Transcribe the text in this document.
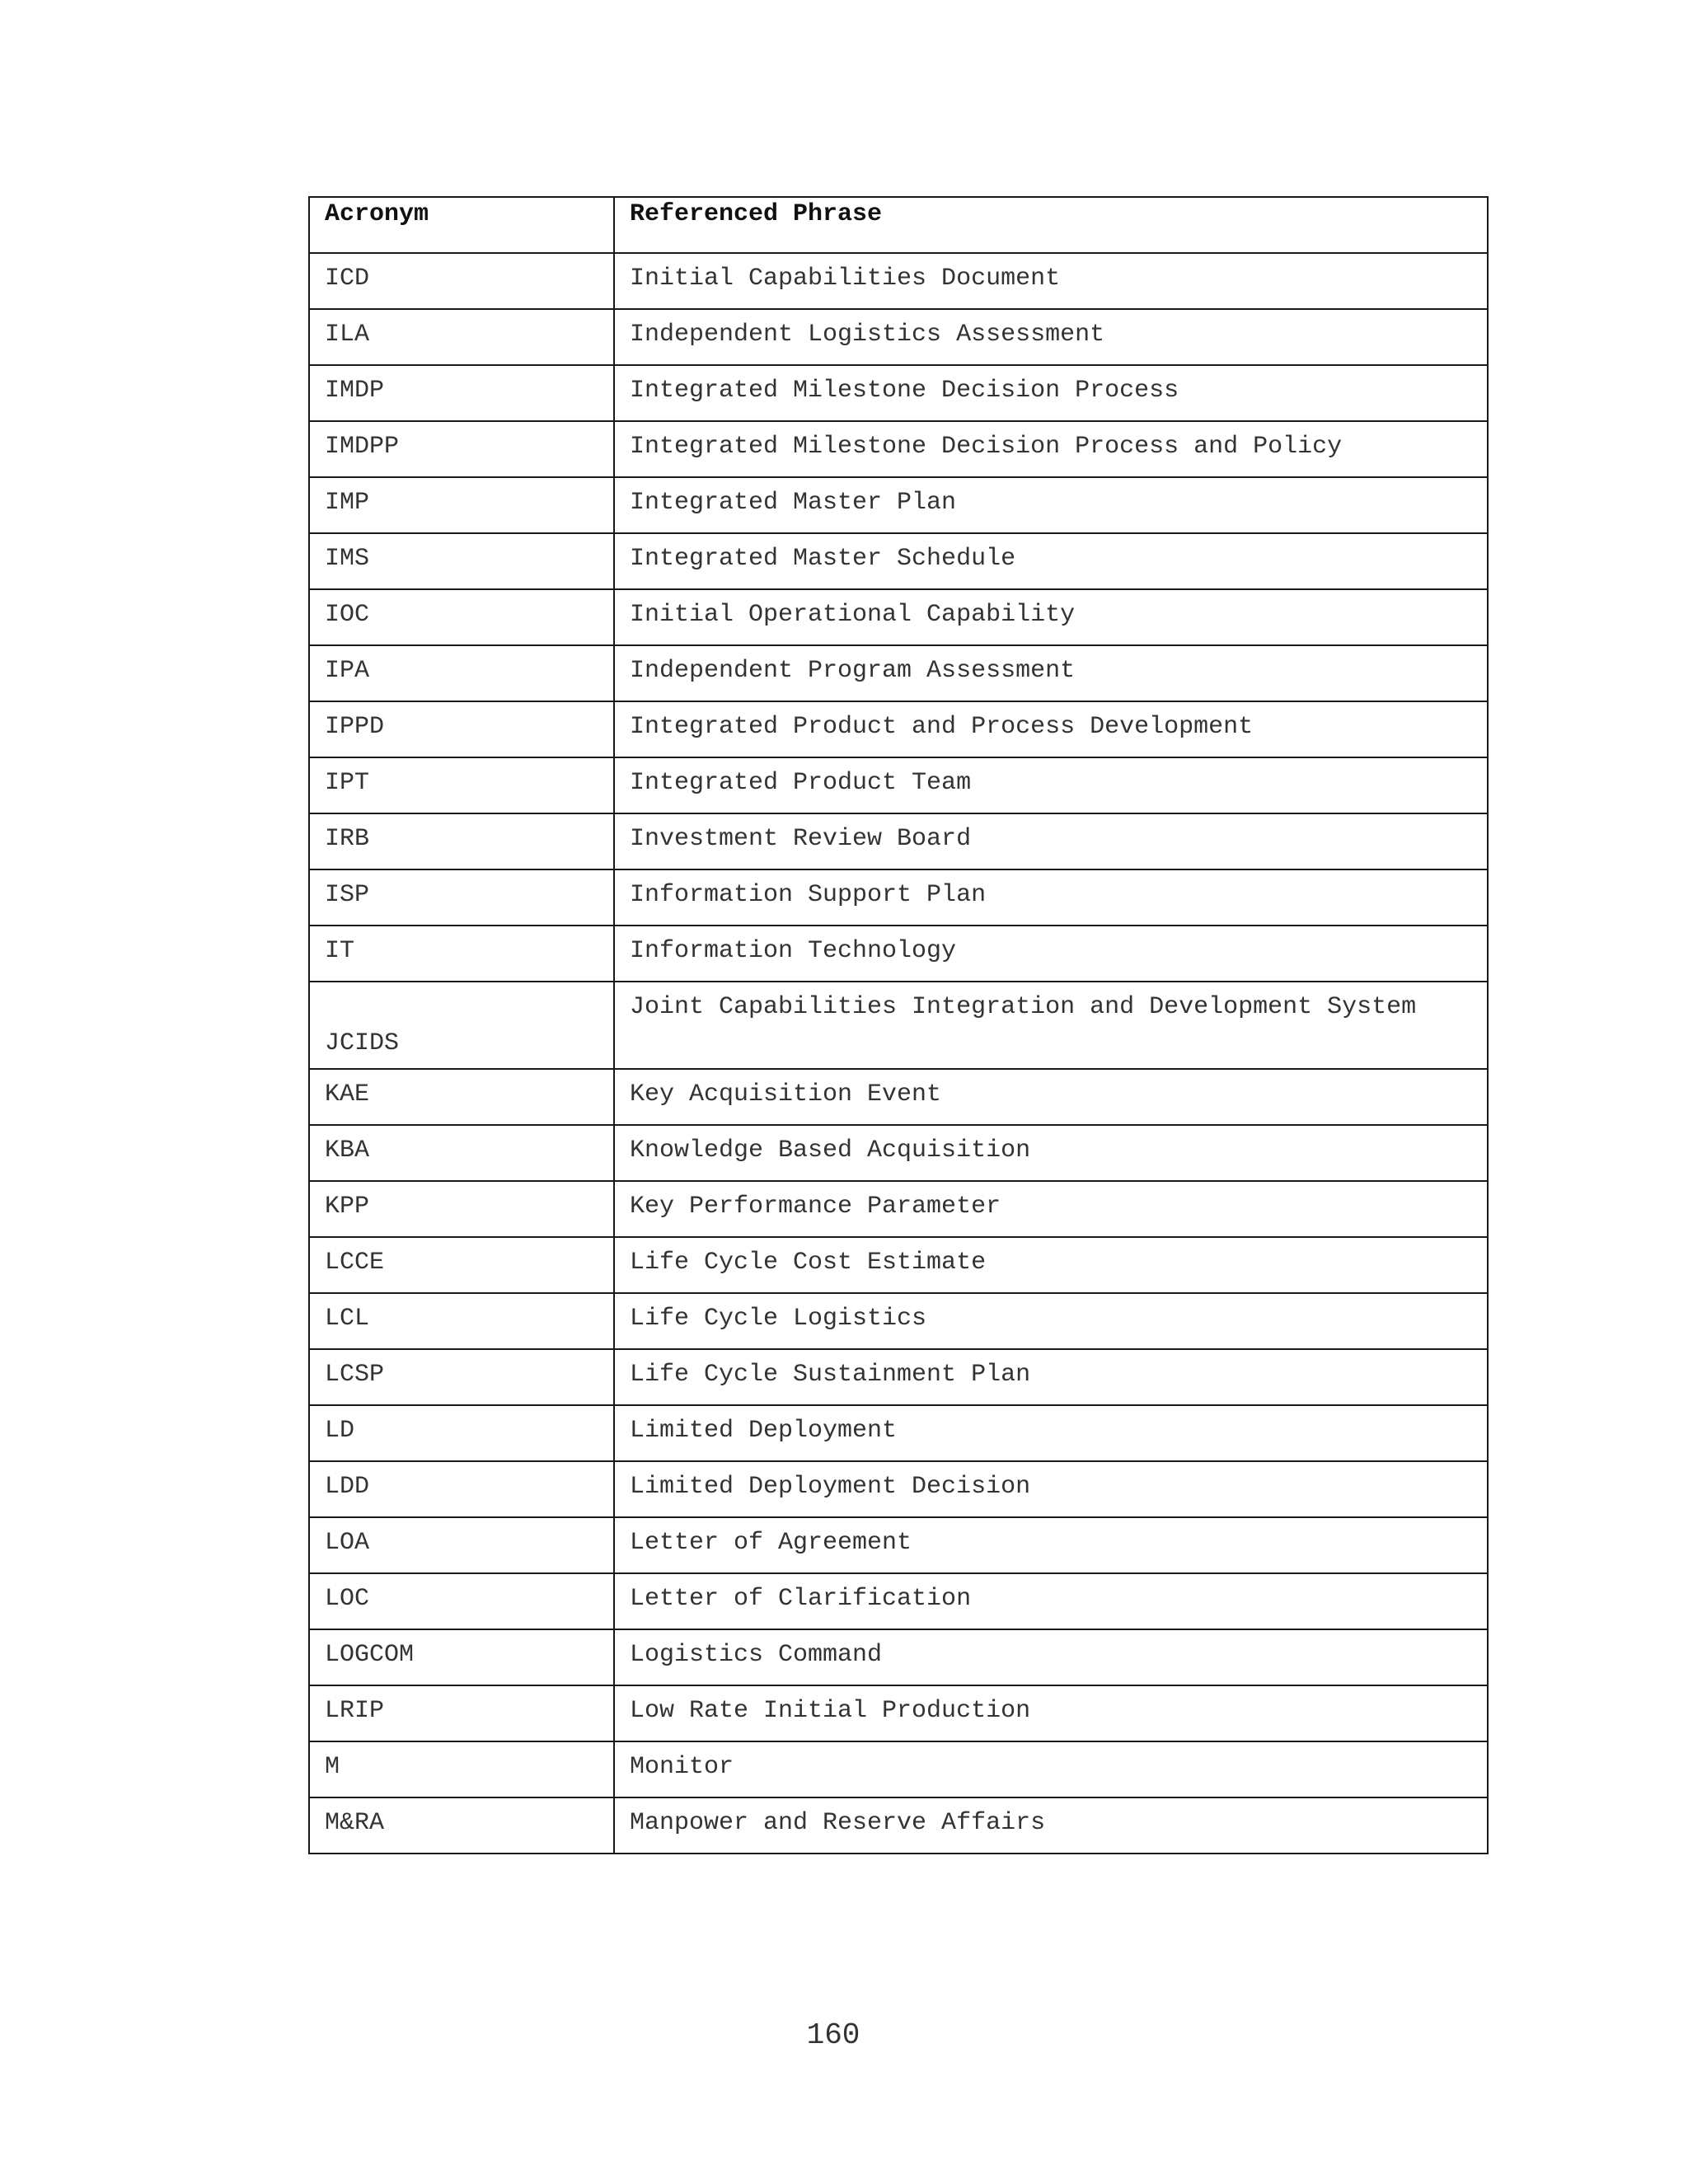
Acronym	Referenced Phrase
ICD	Initial Capabilities Document
ILA	Independent Logistics Assessment
IMDP	Integrated Milestone Decision Process
IMDPP	Integrated Milestone Decision Process and Policy
IMP	Integrated Master Plan
IMS	Integrated Master Schedule
IOC	Initial Operational Capability
IPA	Independent Program Assessment
IPPD	Integrated Product and Process Development
IPT	Integrated Product Team
IRB	Investment Review Board
ISP	Information Support Plan
IT	Information Technology
JCIDS	Joint Capabilities Integration and Development System
KAE	Key Acquisition Event
KBA	Knowledge Based Acquisition
KPP	Key Performance Parameter
LCCE	Life Cycle Cost Estimate
LCL	Life Cycle Logistics
LCSP	Life Cycle Sustainment Plan
LD	Limited Deployment
LDD	Limited Deployment Decision
LOA	Letter of Agreement
LOC	Letter of Clarification
LOGCOM	Logistics Command
LRIP	Low Rate Initial Production
M	Monitor
M&RA	Manpower and Reserve Affairs
160
